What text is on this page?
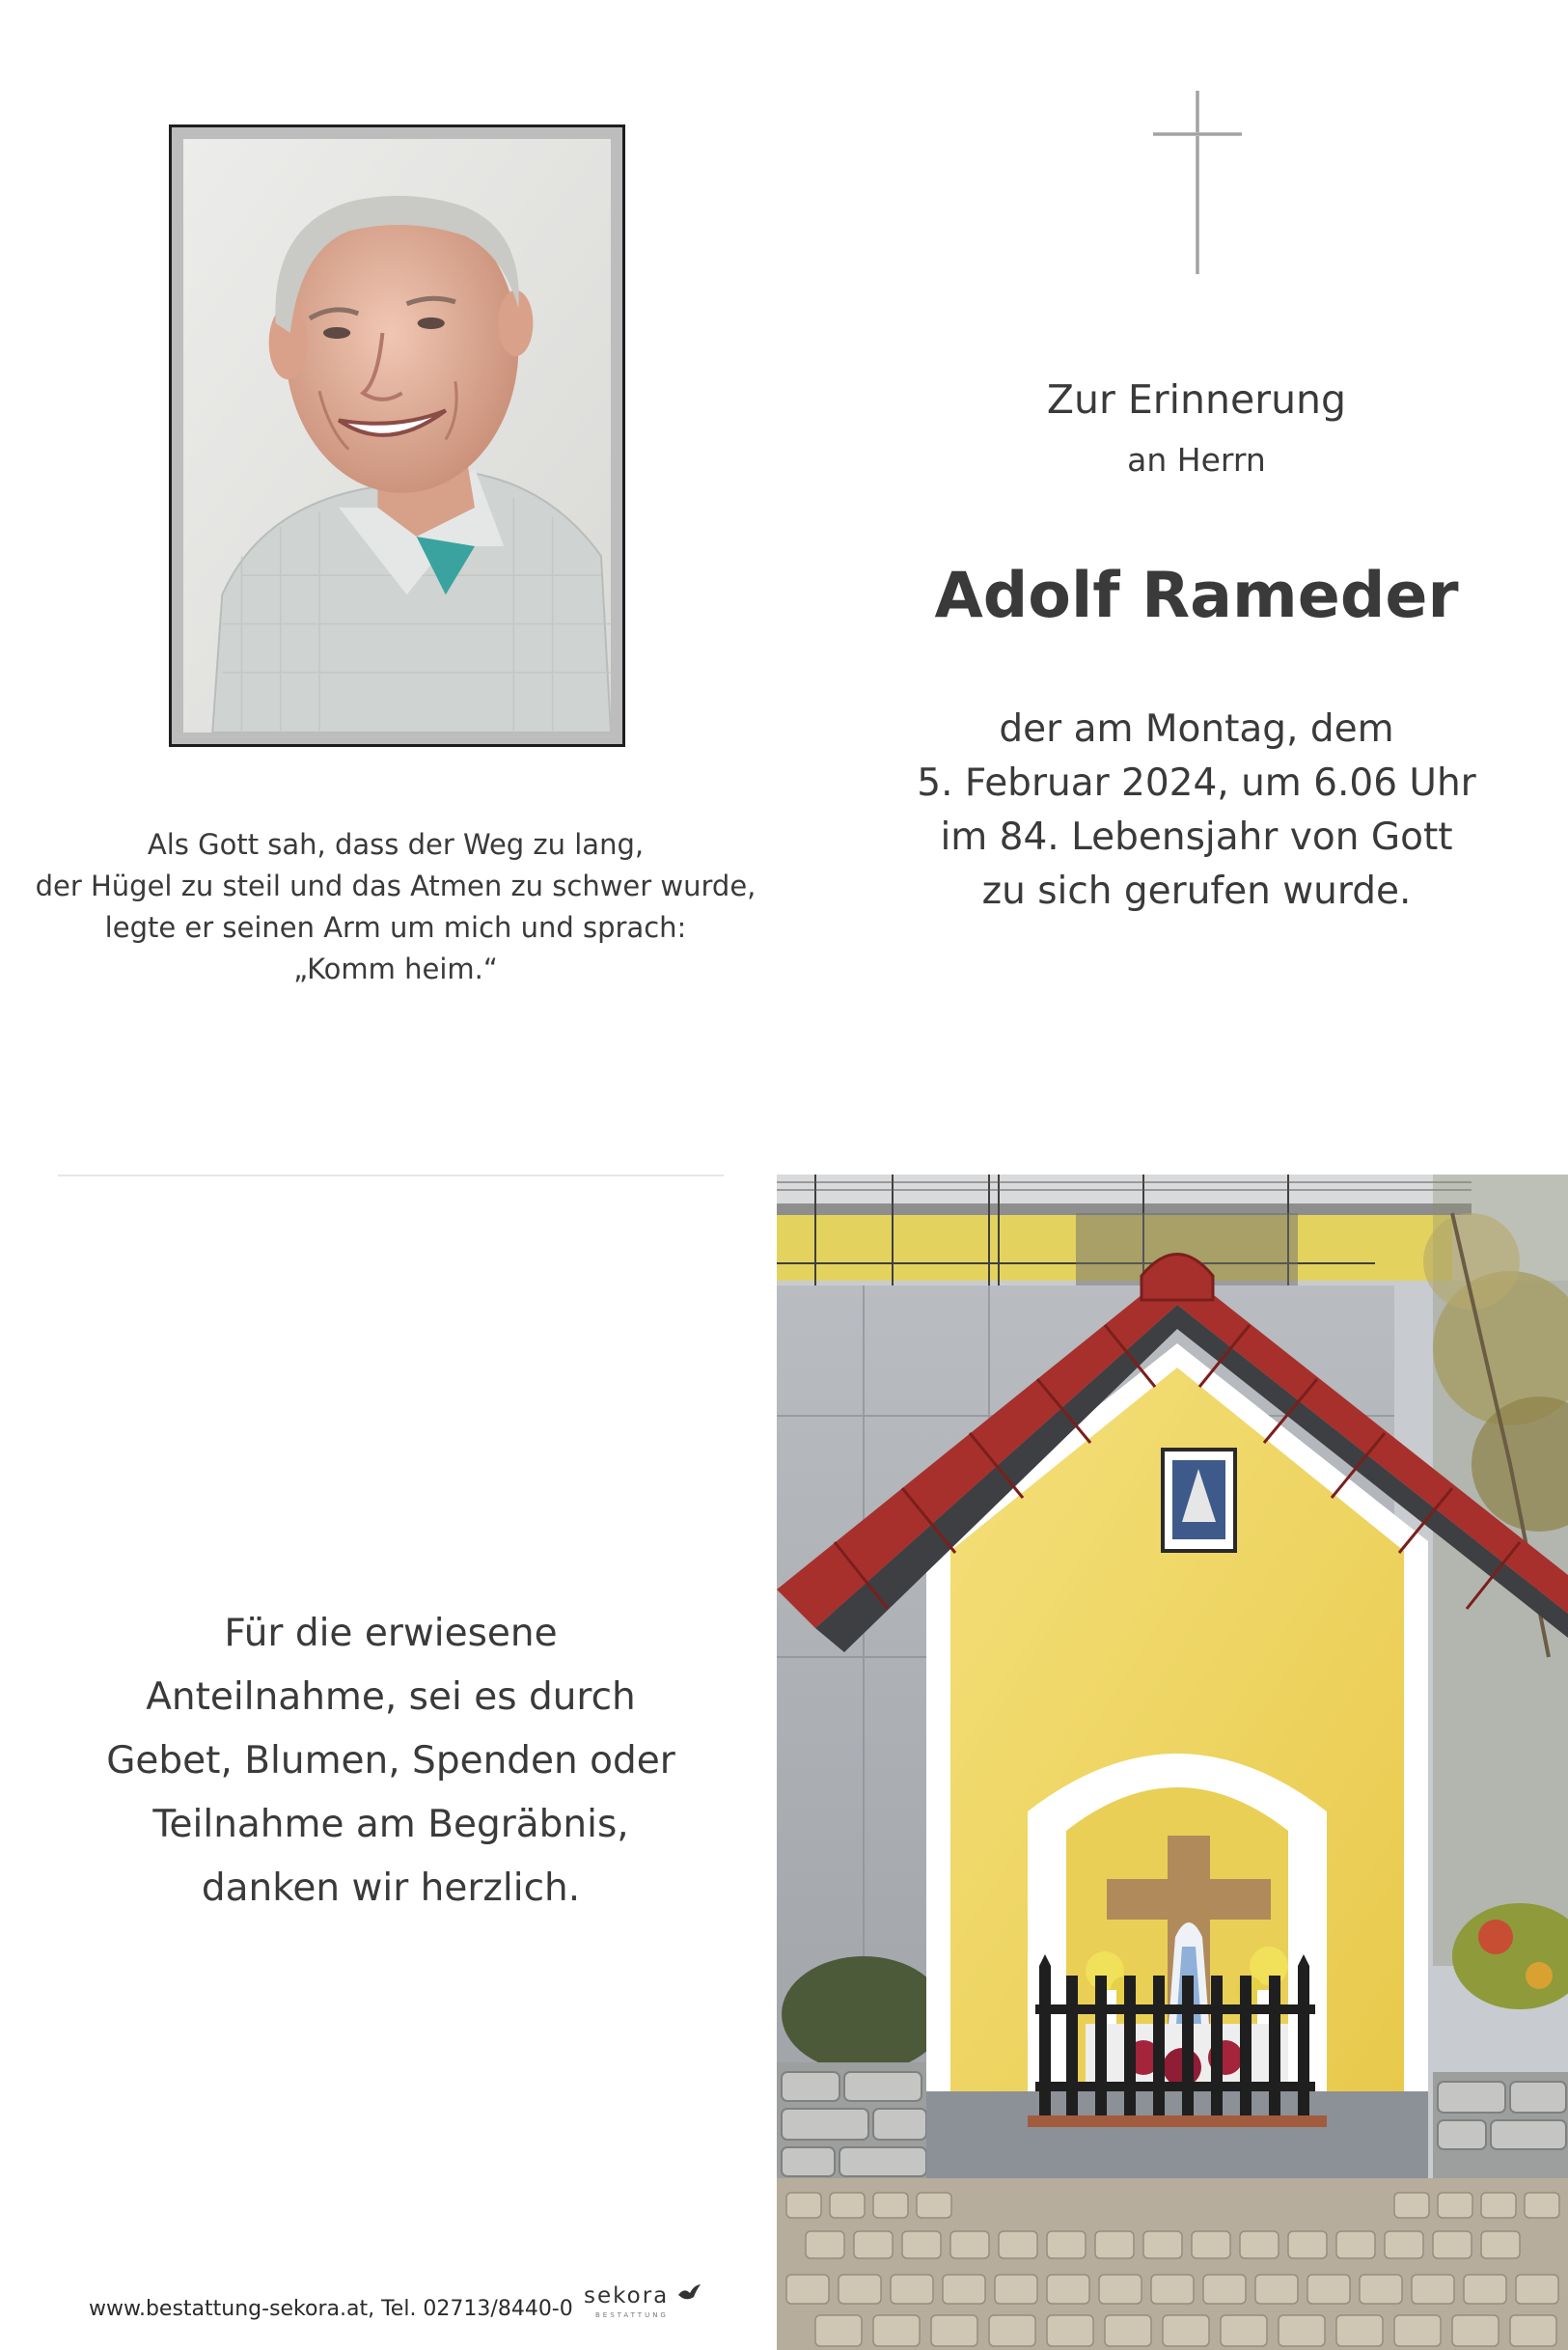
Zur Erinnerung
an Herrn
Adolf Rameder
der am Montag, dem
5. Februar 2024, um 6.06 Uhr
im 84. Lebensjahr von Gott
zu sich gerufen wurde.
Als Gott sah, dass der Weg zu lang,
der Hügel zu steil und das Atmen zu schwer wurde,
legte er seinen Arm um mich und sprach:
„Komm heim.“
Für die erwiesene
Anteilnahme, sei es durch
Gebet, Blumen, Spenden oder
Teilnahme am Begräbnis,
danken wir herzlich.
www.bestattung-sekora.at, Tel. 02713/8440-0
sekora
BESTATTUNG
